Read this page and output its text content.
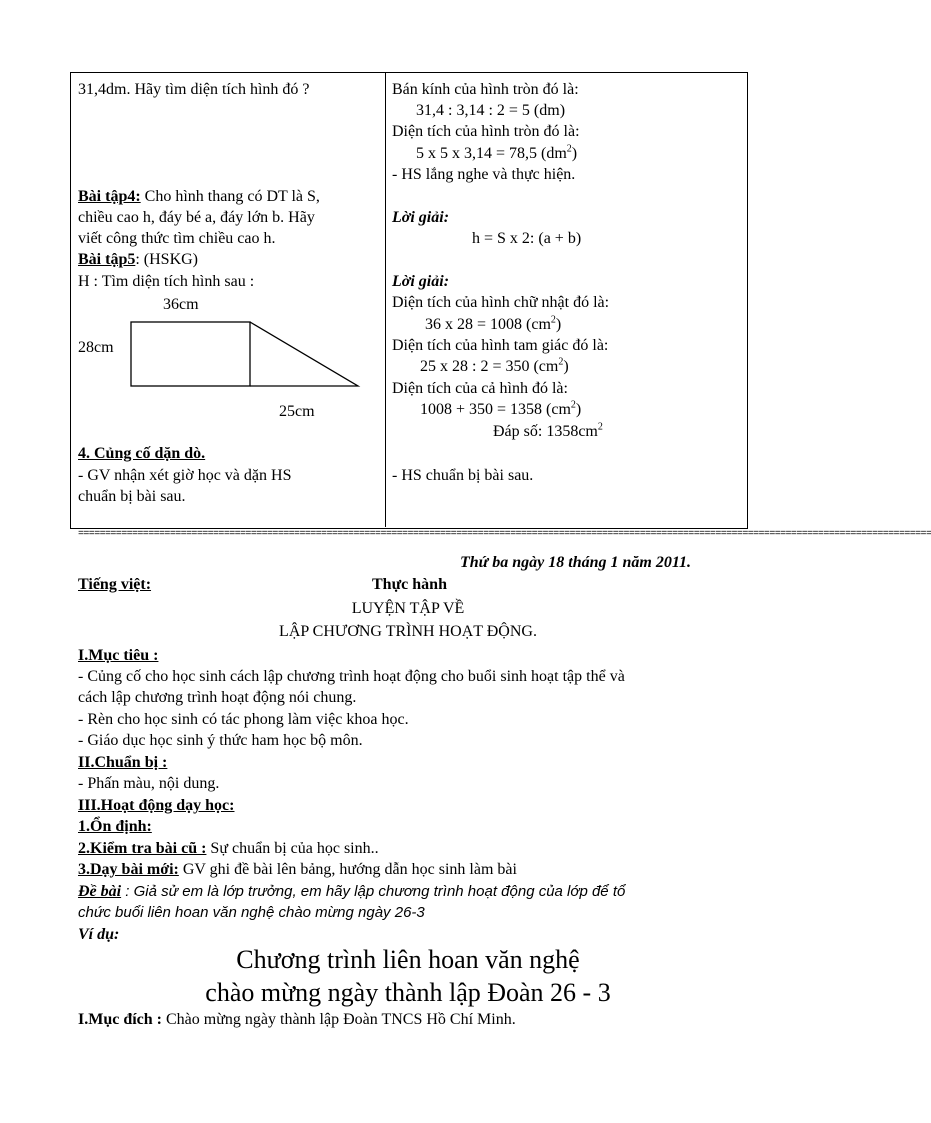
31,4dm. Hãy tìm diện tích hình đó ?
Bài tập4: Cho hình thang có DT là S,
chiều cao h, đáy bé a, đáy lớn b. Hãy
viết công thức tìm chiều cao h.
Bài tập5: (HSKG)
H : Tìm diện tích hình sau :
36cm
28cm
25cm
4. Củng cố dặn dò.
- GV nhận xét giờ học và dặn HS
chuẩn bị bài sau.
Bán kính của hình tròn đó là:
31,4 : 3,14 : 2 = 5 (dm)
Diện tích của hình tròn đó là:
5 x 5 x 3,14 = 78,5 $(dm^2)$
- HS lắng nghe và thực hiện.
Lời giải:
h = S x 2: (a + b)
Lời giải:
Diện tích của hình chữ nhật đó là:
36 x 28 = 1008 $(cm^2)$
Diện tích của hình tam giác đó là:
25 x 28 : 2 = 350 $(cm^2)$
Diện tích của cả hình đó là:
1008 + 350 = 1358 $(cm^2)$
Đáp số: $1358cm^2$
- HS chuẩn bị bài sau.
==============================================================================================================================================================
Thứ ba ngày 18 tháng 1 năm 2011.
Tiếng việt:	Thực hành
LUYỆN TẬP VỀ
LẬP CHƯƠNG TRÌNH HOẠT ĐỘNG.
I.Mục tiêu :
- Củng cố cho học sinh cách lập chương trình hoạt động cho buổi sinh hoạt tập thể và
cách lập chương trình hoạt động nói chung.
- Rèn cho học sinh có tác phong làm việc khoa học.
- Giáo dục học sinh ý thức ham học bộ môn.
II.Chuẩn bị :
- Phấn màu, nội dung.
III.Hoạt động dạy học:
1.Ổn định:
2.Kiểm tra bài cũ : Sự chuẩn bị của học sinh..
3.Dạy bài mới: GV ghi đề bài lên bảng, hướng dẫn học sinh làm bài
Đề bài : Giả sử em là lớp trưởng, em hãy lập chương trình hoạt động của lớp để tổ
chức buổi liên hoan văn nghệ chào mừng ngày 26-3
Ví dụ:
Chương trình liên hoan văn nghệ
chào mừng ngày thành lập Đoàn 26 - 3
I.Mục đích : Chào mừng ngày thành lập Đoàn TNCS Hồ Chí Minh.
